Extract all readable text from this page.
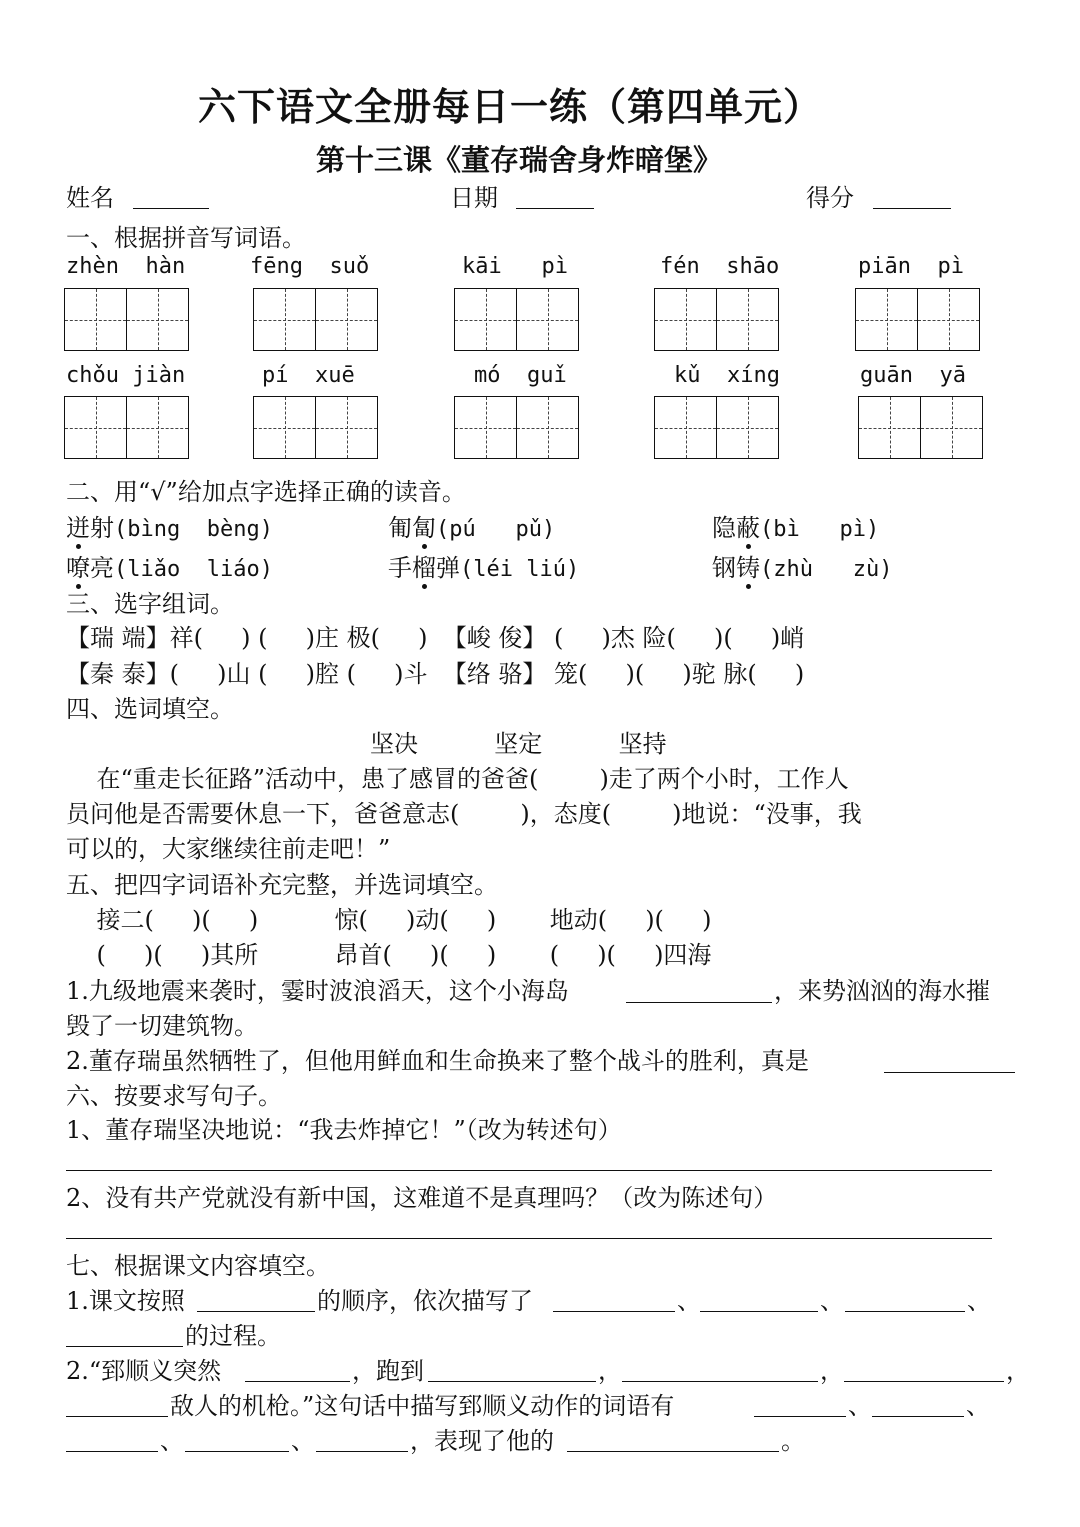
六下语文全册每日一练（第四单元）
第十三课《董存瑞舍身炸暗堡》
姓名	日期	得分
一、根据拼音写词语。
zhèn  hàn	fēng  suǒ	kāi   pì	fén  shāo	piān  pì
chǒu jiàn	pí  xuē	mó  guǐ	kǔ  xíng	guān  yā
二、用“√”给加点字选择正确的读音。
迸射(bìng  bèng)	匍匐(pú   pǔ)	隐蔽(bì   pì)
嘹亮(liǎo  liáo)	手榴弹(léi liú)	钢铸(zhù   zù)
三、选字组词。
【瑞 端】祥(     ) (     )庄 极(     )  【峻 俊】 (     )杰 险(     )(     )峭
【秦 泰】(     )山 (     )腔 (     )斗  【络 骆】 笼(     )(     )驼 脉(     )
四、选词填空。
坚决          坚定          坚持
在“重走长征路”活动中，患了感冒的爸爸(        )走了两个小时，工作人
员问他是否需要休息一下，爸爸意志(        )，态度(        )地说：“没事，我
可以的，大家继续往前走吧！”
五、把四字词语补充完整，并选词填空。
接二(     )(     )          惊(     )动(     )       地动(     )(     )
(     )(     )其所          昂首(     )(     )       (     )(     )四海
1.九级地震来袭时，霎时波浪滔天，这个小海岛	，来势汹汹的海水摧
毁了一切建筑物。
2.董存瑞虽然牺牲了，但他用鲜血和生命换来了整个战斗的胜利，真是
六、按要求写句子。
1、董存瑞坚决地说：“我去炸掉它！”（改为转述句）
2、没有共产党就没有新中国，这难道不是真理吗？（改为陈述句）
七、根据课文内容填空。
1.课文按照	的顺序，依次描写了	、	、	、
的过程。
2.“郅顺义突然	，跑到	，	，	，
敌人的机枪。”这句话中描写郅顺义动作的词语有	、	、
、	、	，表现了他的	。
